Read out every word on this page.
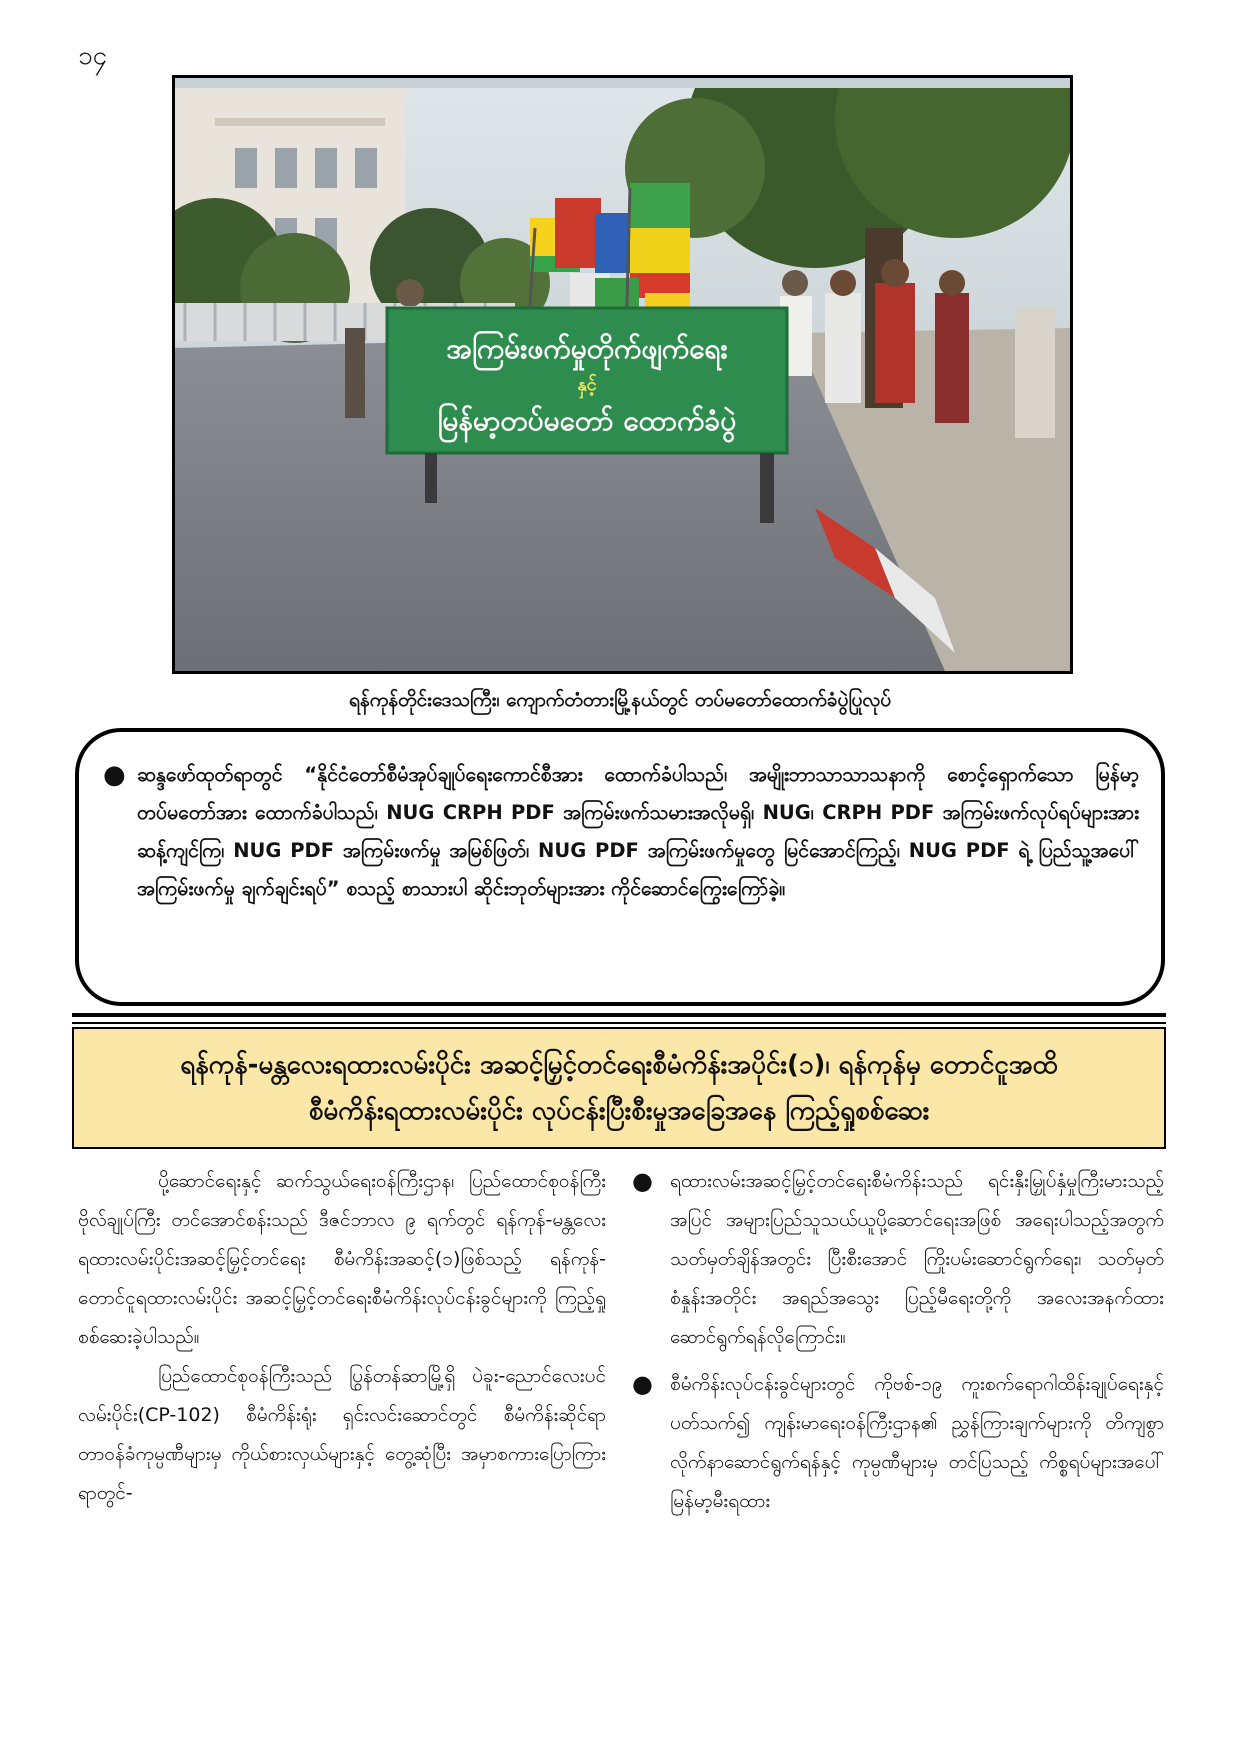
၁၄
အကြမ်းဖက်မှုတိုက်ဖျက်ရေး
နှင့်
မြန်မာ့တပ်မတော် ထောက်ခံပွဲ
ရန်ကုန်တိုင်းဒေသကြီး၊ ကျောက်တံတားမြို့နယ်တွင် တပ်မတော်ထောက်ခံပွဲပြုလုပ်
● ဆန္ဒဖော်ထုတ်ရာတွင် “နိုင်ငံတော်စီမံအုပ်ချုပ်ရေးကောင်စီအား ထောက်ခံပါသည်၊ အမျိုးဘာသာသာသနာကို စောင့်ရှောက်သော မြန်မာ့တပ်မတော်အား ထောက်ခံပါသည်၊ NUG CRPH PDF အကြမ်းဖက်သမားအလိုမရှိ၊ NUG၊ CRPH PDF အကြမ်းဖက်လုပ်ရပ်များအား ဆန့်ကျင်ကြ၊ NUG PDF အကြမ်းဖက်မှု အမြစ်ဖြတ်၊ NUG PDF အကြမ်းဖက်မှုတွေ မြင်အောင်ကြည့်၊ NUG PDF ရဲ့ ပြည်သူ့အပေါ် အကြမ်းဖက်မှု ချက်ချင်းရပ်” စသည့် စာသားပါ ဆိုင်းဘုတ်များအား ကိုင်ဆောင်ကြွေးကြော်ခဲ့။
ရန်ကုန်-မန္တလေးရထားလမ်းပိုင်း အဆင့်မြှင့်တင်ရေးစီမံကိန်းအပိုင်း(၁)၊ ရန်ကုန်မှ တောင်ငူအထိ
စီမံကိန်းရထားလမ်းပိုင်း လုပ်ငန်းပြီးစီးမှုအခြေအနေ ကြည့်ရှုစစ်ဆေး

ပို့ဆောင်ရေးနှင့် ဆက်သွယ်ရေးဝန်ကြီးဌာန၊ ပြည်ထောင်စုဝန်ကြီး ဗိုလ်ချုပ်ကြီး တင်အောင်စန်းသည် ဒီဇင်ဘာလ ၉ ရက်တွင် ရန်ကုန်-မန္တလေး ရထားလမ်းပိုင်းအဆင့်မြှင့်တင်ရေး စီမံကိန်းအဆင့်(၁)ဖြစ်သည့် ရန်ကုန်-တောင်ငူရထားလမ်းပိုင်း အဆင့်မြှင့်တင်ရေးစီမံကိန်းလုပ်ငန်းခွင်များကို ကြည့်ရှုစစ်ဆေးခဲ့ပါသည်။

ပြည်ထောင်စုဝန်ကြီးသည် ပြွန်တန်ဆာမြို့ရှိ ပဲခူး-ညောင်လေးပင်လမ်းပိုင်း(CP-102) စီမံကိန်းရုံး ရှင်းလင်းဆောင်တွင် စီမံကိန်းဆိုင်ရာ တာဝန်ခံကုမ္ပဏီများမှ ကိုယ်စားလှယ်များနှင့် တွေ့ဆုံပြီး အမှာစကားပြောကြားရာတွင်-

● ရထားလမ်းအဆင့်မြှင့်တင်ရေးစီမံကိန်းသည် ရင်းနှီးမြှုပ်နှံမှုကြီးမားသည့်အပြင် အများပြည်သူသယ်ယူပို့ဆောင်ရေးအဖြစ် အရေးပါသည့်အတွက် သတ်မှတ်ချိန်အတွင်း ပြီးစီးအောင် ကြိုးပမ်းဆောင်ရွက်ရေး၊ သတ်မှတ်စံနှုန်းအတိုင်း အရည်အသွေး ပြည့်မီရေးတို့ကို အလေးအနက်ထားဆောင်ရွက်ရန်လိုကြောင်း။
● စီမံကိန်းလုပ်ငန်းခွင်များတွင် ကိုဗစ်-၁၉ ကူးစက်ရောဂါထိန်းချုပ်ရေးနှင့်ပတ်သက်၍ ကျန်းမာရေးဝန်ကြီးဌာန၏ ညွှန်ကြားချက်များကို တိကျစွာလိုက်နာဆောင်ရွက်ရန်နှင့် ကုမ္ပဏီများမှ တင်ပြသည့် ကိစ္စရပ်များအပေါ် မြန်မာ့မီးရထား
